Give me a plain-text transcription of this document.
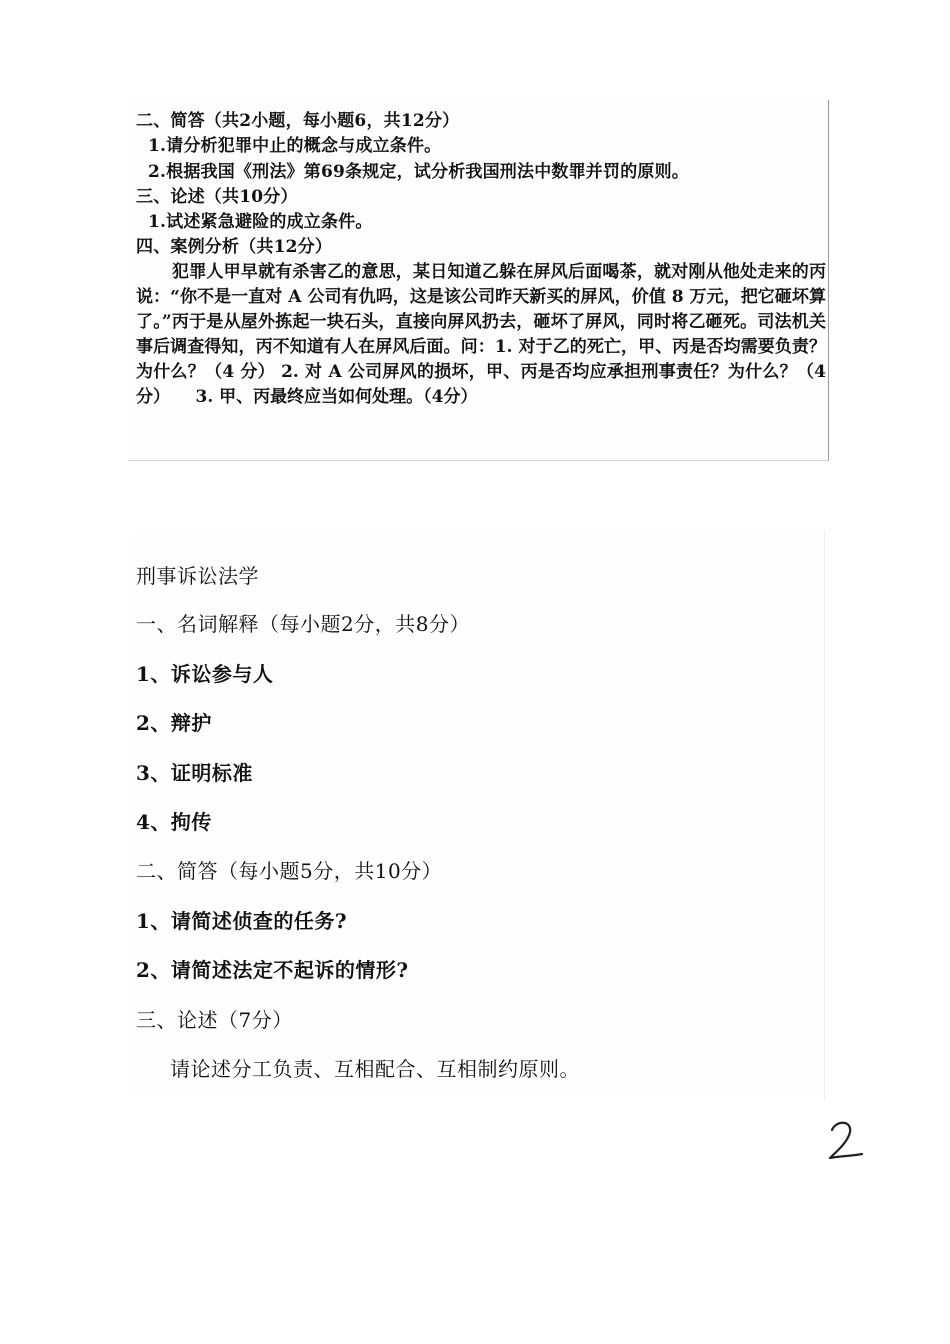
二、简答（共2小题，每小题6，共12分）
1.请分析犯罪中止的概念与成立条件。
2.根据我国《刑法》第69条规定，试分析我国刑法中数罪并罚的原则。
三、论述（共10分）
1.试述紧急避险的成立条件。
四、案例分析（共12分）
犯罪人甲早就有杀害乙的意思，某日知道乙躲在屏风后面喝茶，就对刚从他处走来的丙说：“你不是一直对 A 公司有仇吗，这是该公司昨天新买的屏风，价值 8 万元，把它砸坏算了。”丙于是从屋外拣起一块石头，直接向屏风扔去，砸坏了屏风，同时将乙砸死。司法机关事后调查得知，丙不知道有人在屏风后面。问：1. 对于乙的死亡，甲、丙是否均需要负责？为什么？（4 分） 2. 对 A 公司屏风的损坏，甲、丙是否均应承担刑事责任？为什么？（4 分）　　3. 甲、丙最终应当如何处理。（4分）
刑事诉讼法学
一、名词解释（每小题2分，共8分）
1、诉讼参与人
2、辩护
3、证明标准
4、拘传
二、简答（每小题5分，共10分）
1、请简述侦查的任务?
2、请简述法定不起诉的情形?
三、论述（7分）
请论述分工负责、互相配合、互相制约原则。
